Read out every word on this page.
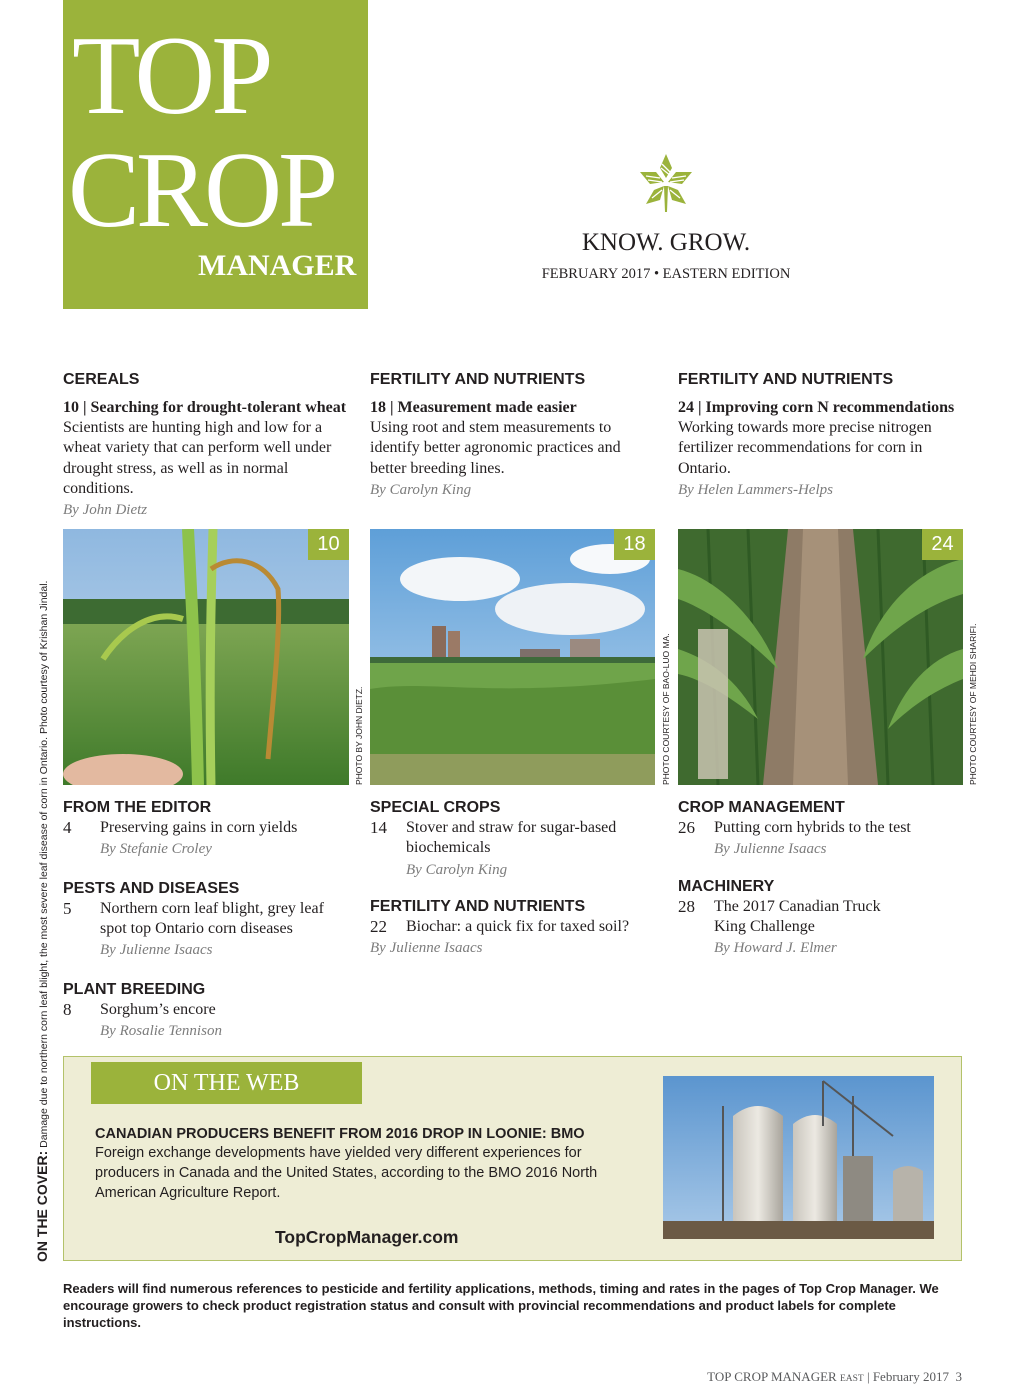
TOP
CROP
MANAGER
KNOW. GROW.
FEBRUARY 2017 • EASTERN EDITION
CEREALS
10 | Searching for drought-tolerant wheat
Scientists are hunting high and low for a wheat variety that can perform well under drought stress, as well as in normal conditions.
By John Dietz
FERTILITY AND NUTRIENTS
18 | Measurement made easier
Using root and stem measurements to identify better agronomic practices and better breeding lines.
By Carolyn King
FERTILITY AND NUTRIENTS
24 | Improving corn N recommendations
Working towards more precise nitrogen fertilizer recommendations for corn in Ontario.
By Helen Lammers-Helps
10
PHOTO BY JOHN DIETZ.
18
PHOTO COURTESY OF BAO-LUO MA.
24
PHOTO COURTESY OF MEHDI SHARIFI.
FROM THE EDITOR
4	Preserving gains in corn yields
By Stefanie Croley
PESTS AND DISEASES
5	Northern corn leaf blight, grey leaf spot top Ontario corn diseases
By Julienne Isaacs
PLANT BREEDING
8	Sorghum’s encore
By Rosalie Tennison
SPECIAL CROPS
14	Stover and straw for sugar-based biochemicals
By Carolyn King
FERTILITY AND NUTRIENTS
22	Biochar: a quick fix for taxed soil?
By Julienne Isaacs
CROP MANAGEMENT
26	Putting corn hybrids to the test
By Julienne Isaacs
MACHINERY
28	The 2017 Canadian Truck King Challenge
By Howard J. Elmer
ON THE COVER: Damage due to northern corn leaf blight, the most severe leaf disease of corn in Ontario. Photo courtesy of Krishan Jindal.	ON THE WEB
CANADIAN PRODUCERS BENEFIT FROM 2016 DROP IN LOONIE: BMO
Foreign exchange developments have yielded very different experiences for producers in Canada and the United States, according to the BMO 2016 North American Agriculture Report.
TopCropManager.com
Readers will find numerous references to pesticide and fertility applications, methods, timing and rates in the pages of Top Crop Manager. We encourage growers to check product registration status and consult with provincial recommendations and product labels for complete instructions.
TOP CROP MANAGER EAST | February 2017 3
